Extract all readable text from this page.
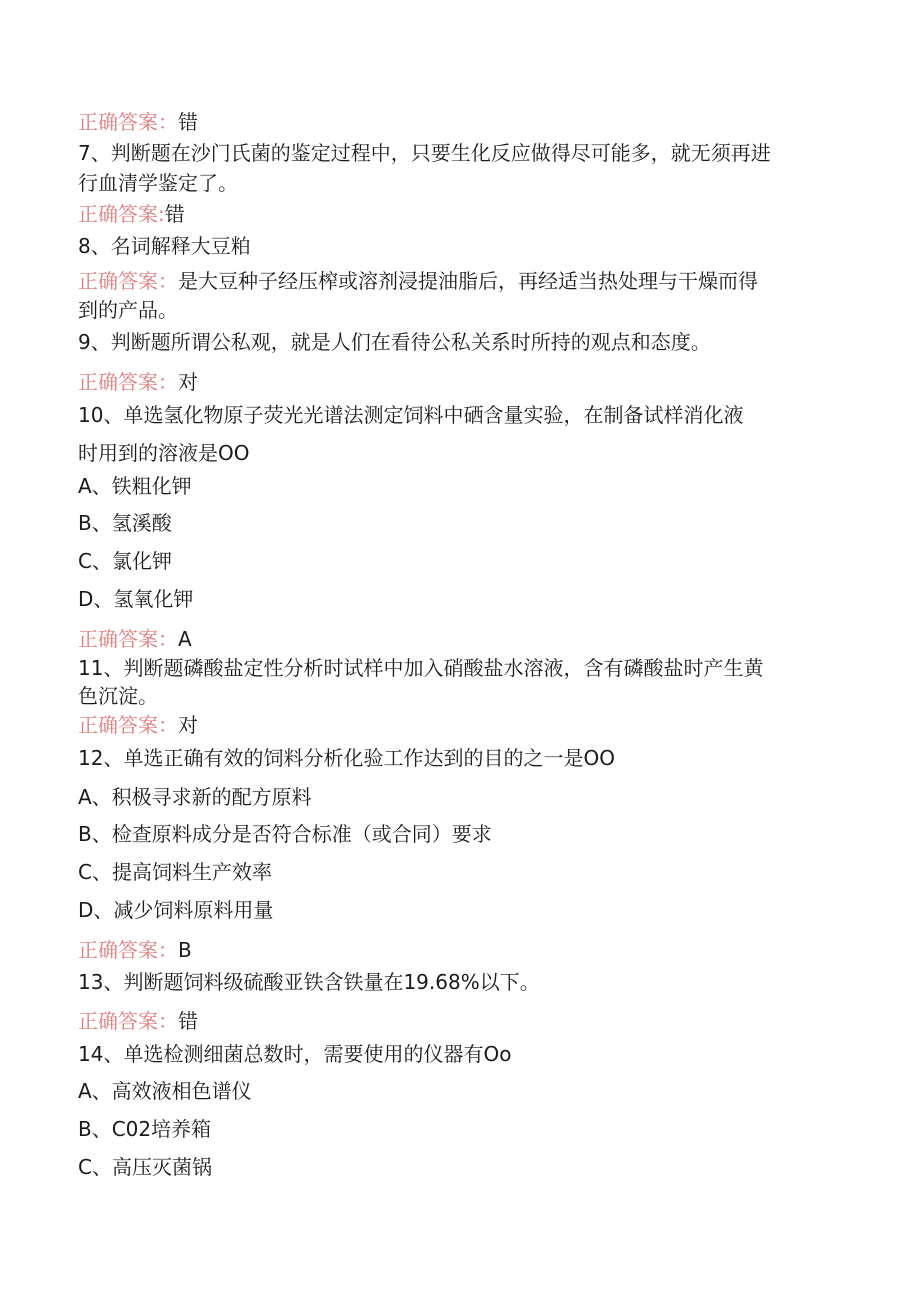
正确答案：错
7、判断题在沙门氏菌的鉴定过程中，只要生化反应做得尽可能多，就无须再进
行血清学鉴定了。
正确答案:错
8、名词解释大豆粕
正确答案：是大豆种子经压榨或溶剂浸提油脂后，再经适当热处理与干燥而得
到的产品。
9、判断题所谓公私观，就是人们在看待公私关系时所持的观点和态度。
正确答案：对
10、单选氢化物原子荧光光谱法测定饲料中硒含量实验，在制备试样消化液
时用到的溶液是OO
A、铁粗化钾
B、氢溪酸
C、氯化钾
D、氢氧化钾
正确答案：A
11、判断题磷酸盐定性分析时试样中加入硝酸盐水溶液，含有磷酸盐时产生黄
色沉淀。
正确答案：对
12、单选正确有效的饲料分析化验工作达到的目的之一是OO
A、积极寻求新的配方原料
B、检查原料成分是否符合标准（或合同）要求
C、提高饲料生产效率
D、减少饲料原料用量
正确答案：B
13、判断题饲料级硫酸亚铁含铁量在19.68%以下。
正确答案：错
14、单选检测细菌总数时，需要使用的仪器有Oo
A、高效液相色谱仪
B、C02培养箱
C、高压灭菌锅
